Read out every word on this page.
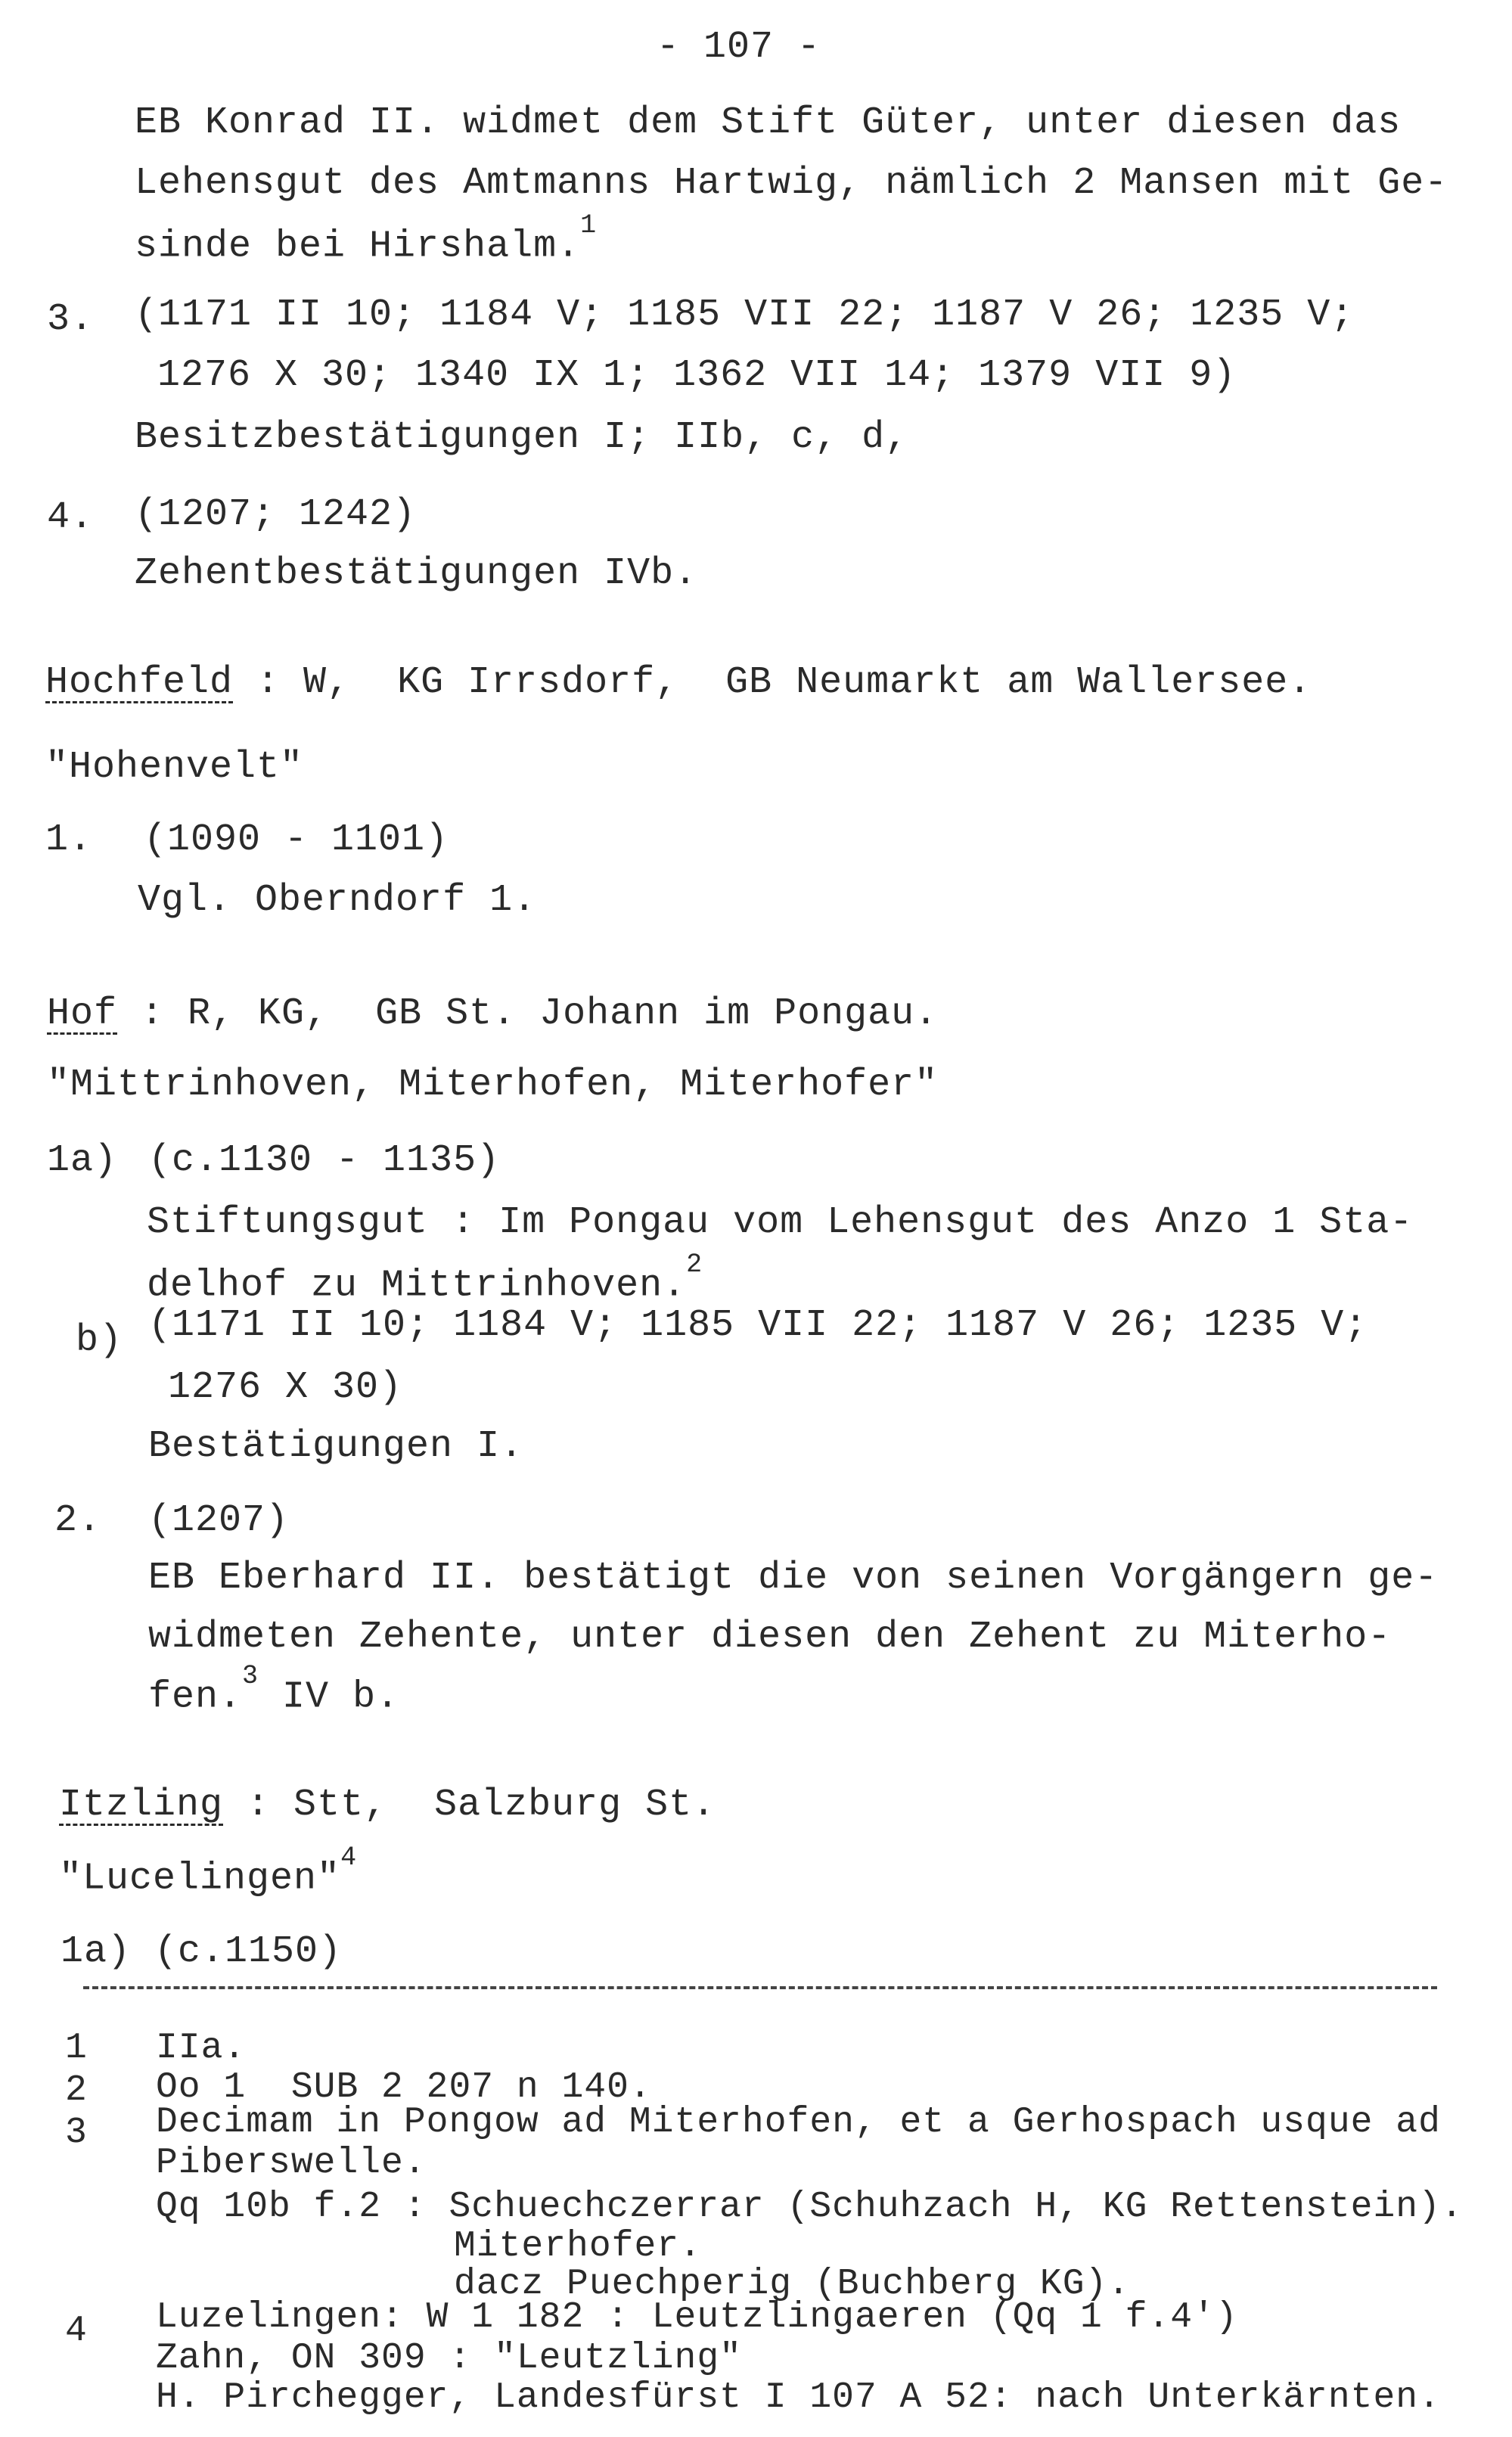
- 107 -
EB Konrad II. widmet dem Stift Güter, unter diesen das
Lehensgut des Amtmanns Hartwig, nämlich 2 Mansen mit Ge-
sinde bei Hirshalm.$^1$
3. (1171 II 10; 1184 V; 1185 VII 22; 1187 V 26; 1235 V;
1276 X 30; 1340 IX 1; 1362 VII 14; 1379 VII 9)
Besitzbestätigungen I; IIb, c, d,
4. (1207; 1242)
Zehentbestätigungen IVb.
Hochfeld : W,  KG Irrsdorf,  GB Neumarkt am Wallersee.
"Hohenvelt"
1. (1090 - 1101)
Vgl. Oberndorf 1.
Hof : R, KG,  GB St. Johann im Pongau.
"Mittrinhoven, Miterhofen, Miterhofer"
1a) (c.1130 - 1135)
Stiftungsgut : Im Pongau vom Lehensgut des Anzo 1 Sta-
delhof zu Mittrinhoven.$^2$
b) (1171 II 10; 1184 V; 1185 VII 22; 1187 V 26; 1235 V;
1276 X 30)
Bestätigungen I.
2. (1207)
EB Eberhard II. bestätigt die von seinen Vorgängern ge-
widmeten Zehente, unter diesen den Zehent zu Miterho-
fen.$^3$ IV b.
Itzling : Stt,  Salzburg St.
"Lucelingen"$^4$
1a) (c.1150)
1 IIa.
2 Oo 1  SUB 2 207 n 140.
3 Decimam in Pongow ad Miterhofen, et a Gerhospach usque ad
Piberswelle.
Qq 10b f.2 : Schuechczerrar (Schuhzach H, KG Rettenstein).
Miterhofer.
dacz Puechperig (Buchberg KG).
4 Luzelingen: W 1 182 : Leutzlingaeren (Qq 1 f.4')
Zahn, ON 309 : "Leutzling"
H. Pirchegger, Landesfürst I 107 A 52: nach Unterkärnten.
